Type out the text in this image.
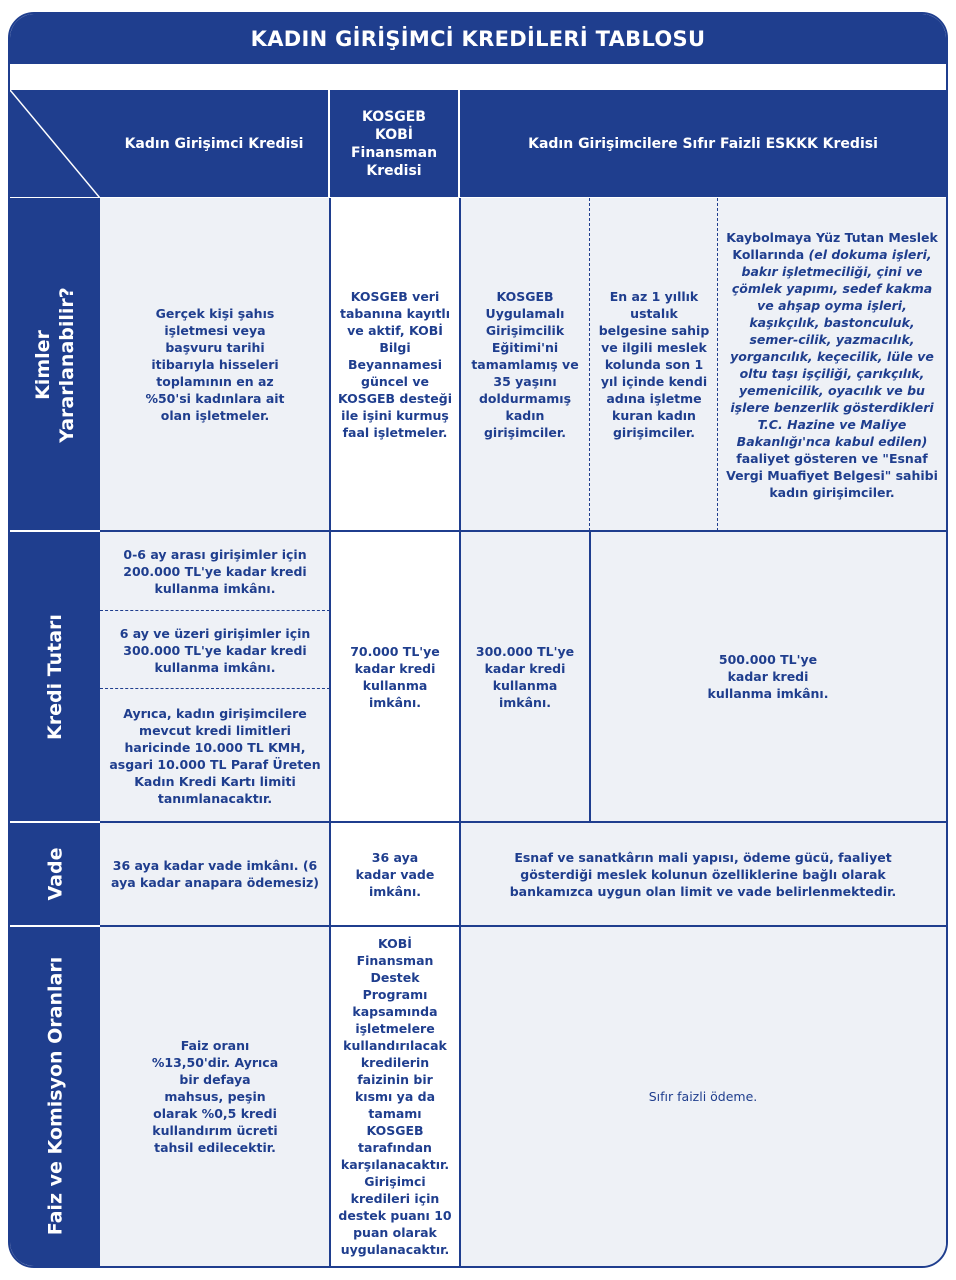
KADIN GİRİŞİMCİ KREDİLERİ TABLOSU
Kadın Girişimci Kredisi
KOSGEB KOBİ Finansman Kredisi
Kadın Girişimcilere Sıfır Faizli ESKKK Kredisi
Kimler Yararlanabilir?
Kredi Tutarı
Vade
Faiz ve Komisyon Oranları
Gerçek kişi şahıs işletmesi veya başvuru tarihi itibarıyla hisseleri toplamının en az %50'si kadınlara ait olan işletmeler.
KOSGEB veri tabanına kayıtlı ve aktif, KOBİ Bilgi Beyannamesi güncel ve KOSGEB desteği ile işini kurmuş faal işletmeler.
KOSGEB Uygulamalı Girişimcilik Eğitimi'ni tamamlamış ve 35 yaşını doldurmamış kadın girişimciler.
En az 1 yıllık ustalık belgesine sahip ve ilgili meslek kolunda son 1 yıl içinde kendi adına işletme kuran kadın girişimciler.
Kaybolmaya Yüz Tutan Meslek Kollarında (el dokuma işleri, bakır işletmeciliği, çini ve çömlek yapımı, sedef kakma ve ahşap oyma işleri, kaşıkçılık, bastonculuk, semer-cilik, yazmacılık, yorgancılık, keçecilik, lüle ve oltu taşı işçiliği, çarıkçılık, yemenicilik, oyacılık ve bu işlere benzerlik gösterdikleri T.C. Hazine ve Maliye Bakanlığı'nca kabul edilen) faaliyet gösteren ve "Esnaf Vergi Muafiyet Belgesi" sahibi kadın girişimciler.
0-6 ay arası girişimler için 200.000 TL'ye kadar kredi kullanma imkânı.
6 ay ve üzeri girişimler için 300.000 TL'ye kadar kredi kullanma imkânı.
Ayrıca, kadın girişimcilere mevcut kredi limitleri haricinde 10.000 TL KMH, asgari 10.000 TL Paraf Üreten Kadın Kredi Kartı limiti tanımlanacaktır.
70.000 TL'ye kadar kredi kullanma imkânı.
300.000 TL'ye kadar kredi kullanma imkânı.
500.000 TL'ye kadar kredi kullanma imkânı.
36 aya kadar vade imkânı. (6 aya kadar anapara ödemesiz)
36 aya kadar vade imkânı.
Esnaf ve sanatkârın mali yapısı, ödeme gücü, faaliyet gösterdiği meslek kolunun özelliklerine bağlı olarak bankamızca uygun olan limit ve vade belirlenmektedir.
Faiz oranı %13,50'dir. Ayrıca bir defaya mahsus, peşin olarak %0,5 kredi kullandırım ücreti tahsil edilecektir.
KOBİ Finansman Destek Programı kapsamında işletmelere kullandırılacak kredilerin faizinin bir kısmı ya da tamamı KOSGEB tarafından karşılanacaktır. Girişimci kredileri için destek puanı 10 puan olarak uygulanacaktır.
Sıfır faizli ödeme.
